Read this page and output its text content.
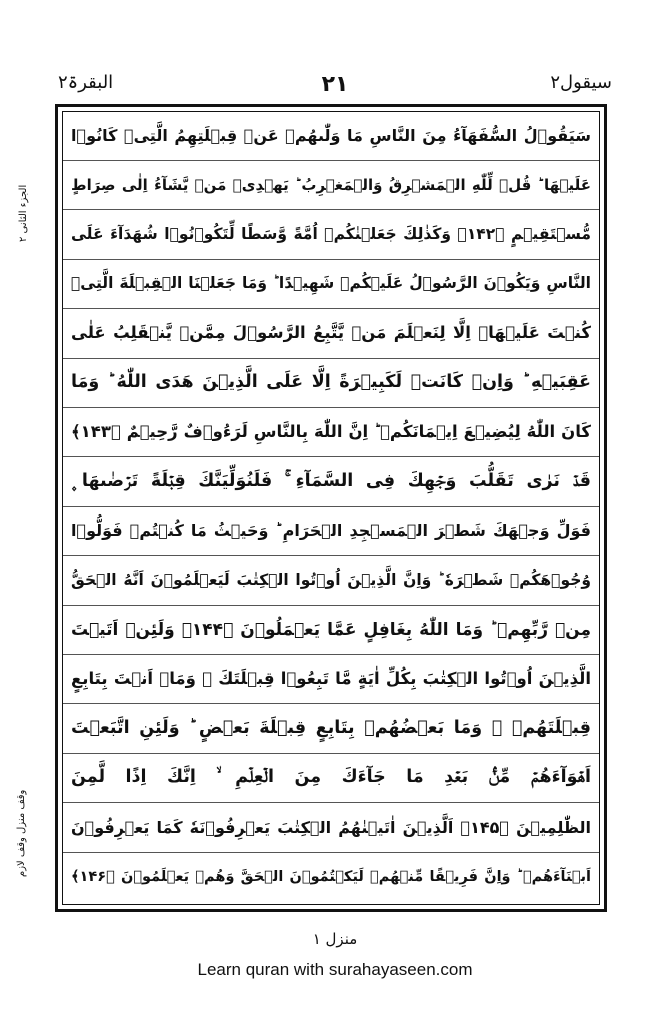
البقرۃ۲	۲۱	سیقول۲
الجزء الثانی ۲
وقف منزل وقف لازم
سَیَقُوۡلُ السُّفَهَآءُ مِنَ النَّاسِ مَا وَلّٰىهُمۡ عَنۡ قِبۡلَتِهِمُ الَّتِیۡ كَانُوۡا
عَلَیۡهَا ؕ قُلۡ لِّلّٰهِ الۡمَشۡرِقُ وَالۡمَغۡرِبُ ؕ یَهۡدِیۡ مَنۡ یَّشَآءُ اِلٰی صِرَاطٍ
مُّسۡتَقِیۡمٍ ﴿۱۴۲﴾ وَكَذٰلِكَ جَعَلۡنٰكُمۡ اُمَّةً وَّسَطًا لِّتَكُوۡنُوۡا شُهَدَآءَ عَلَى
النَّاسِ وَیَكُوۡنَ الرَّسُوۡلُ عَلَیۡكُمۡ شَهِیۡدًا ؕ وَمَا جَعَلۡنَا الۡقِبۡلَةَ الَّتِیۡ
كُنۡتَ عَلَیۡهَاۤ اِلَّا لِنَعۡلَمَ مَنۡ یَّتَّبِعُ الرَّسُوۡلَ مِمَّنۡ یَّنۡقَلِبُ عَلٰی
عَقِبَیۡهِ ؕ وَاِنۡ كَانَتۡ لَكَبِیۡرَةً اِلَّا عَلَى الَّذِیۡنَ هَدَى اللّٰهُ ؕ وَمَا
كَانَ اللّٰهُ لِیُضِیۡعَ اِیۡمَانَكُمۡ ؕ اِنَّ اللّٰهَ بِالنَّاسِ لَرَءُوۡفٌ رَّحِیۡمٌ ﴿۱۴۳﴾
قَدۡ نَرٰی تَقَلُّبَ وَجۡهِكَ فِی السَّمَآءِ ۚ فَلَنُوَلِّیَنَّكَ قِبۡلَةً تَرۡضٰىهَا ۪
فَوَلِّ وَجۡهَكَ شَطۡرَ الۡمَسۡجِدِ الۡحَرَامِ ؕ وَحَیۡثُ مَا كُنۡتُمۡ فَوَلُّوۡا
وُجُوۡهَكُمۡ شَطۡرَهٗ ؕ وَاِنَّ الَّذِیۡنَ اُوۡتُوا الۡكِتٰبَ لَیَعۡلَمُوۡنَ اَنَّهُ الۡحَقُّ
مِنۡ رَّبِّهِمۡ ؕ وَمَا اللّٰهُ بِغَافِلٍ عَمَّا یَعۡمَلُوۡنَ ﴿۱۴۴﴾ وَلَئِنۡ اَتَیۡتَ
الَّذِیۡنَ اُوۡتُوا الۡكِتٰبَ بِكُلِّ اٰیَةٍ مَّا تَبِعُوۡا قِبۡلَتَكَ ۚ وَمَاۤ اَنۡتَ بِتَابِعٍ
قِبۡلَتَهُمۡ ۚ وَمَا بَعۡضُهُمۡ بِتَابِعٍ قِبۡلَةَ بَعۡضٍ ؕ وَلَئِنِ اتَّبَعۡتَ
اَهۡوَآءَهُمۡ مِّنۡۢ بَعۡدِ مَا جَآءَكَ مِنَ الۡعِلۡمِ ۙ اِنَّكَ اِذًا لَّمِنَ
الظّٰلِمِیۡنَ ﴿۱۴۵﴾ اَلَّذِیۡنَ اٰتَیۡنٰهُمُ الۡكِتٰبَ یَعۡرِفُوۡنَهٗ كَمَا یَعۡرِفُوۡنَ
اَبۡنَآءَهُمۡ ؕ وَاِنَّ فَرِیۡقًا مِّنۡهُمۡ لَیَكۡتُمُوۡنَ الۡحَقَّ وَهُمۡ یَعۡلَمُوۡنَ ﴿۱۴۶﴾
منزل ۱
Learn quran with surahayaseen.com
